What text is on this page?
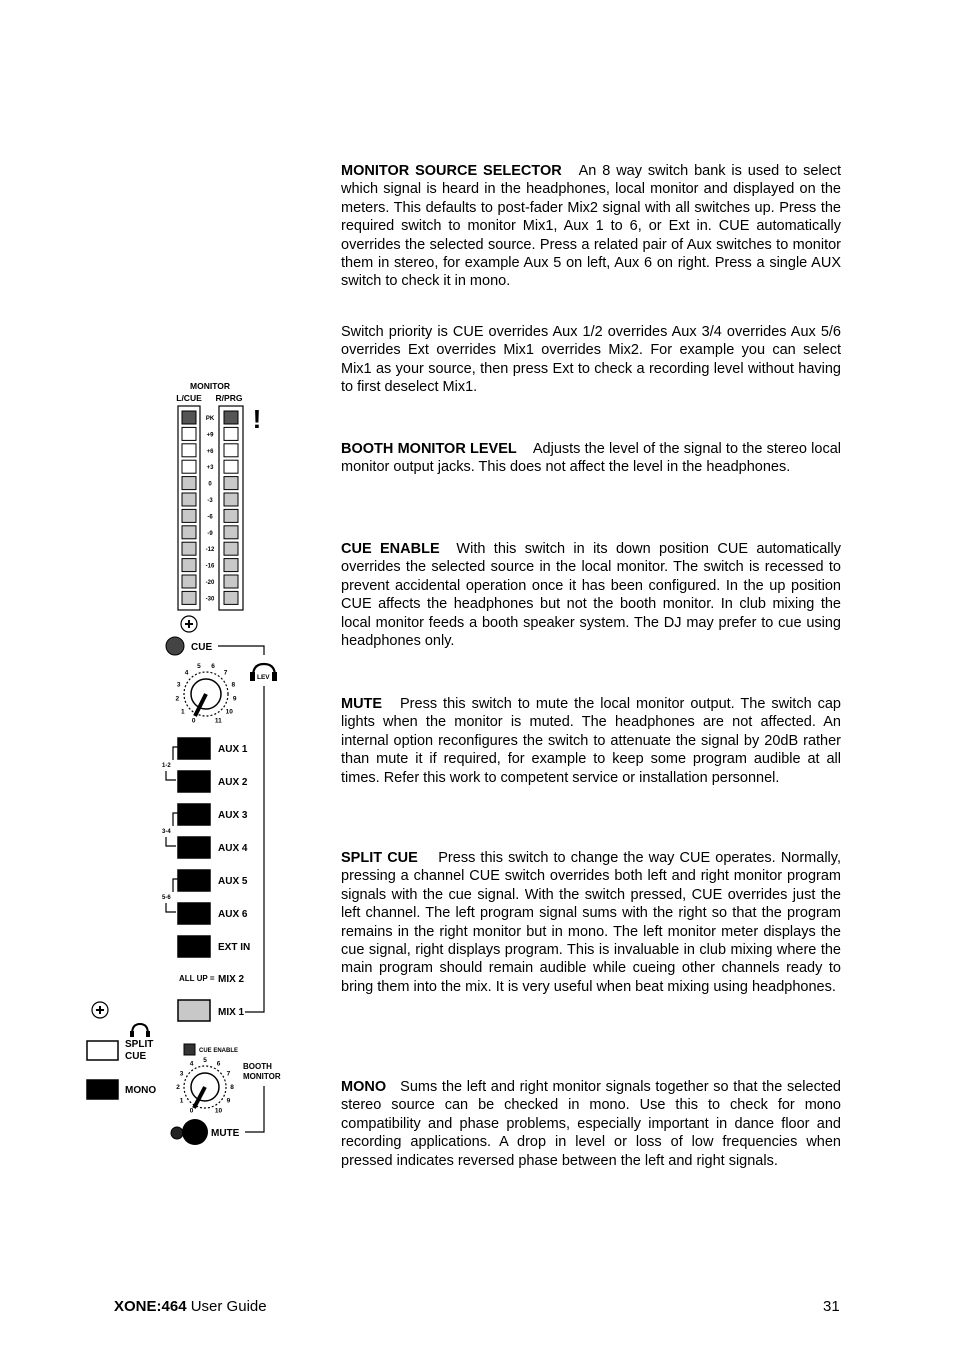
MONITOR
L/CUE R/PRG
!
PK
+9
+6
+3
0
-3
-6
-9
-12
-16
-20
-30
CUE
LEV
0
1
2
3
4
5 6
7
8
9
10
11
1-2
3-4
5-6
AUX 1
AUX 2
AUX 3
AUX 4
AUX 5
AUX 6
EXT IN
ALL UP = MIX 2
MIX 1
SPLIT
CUE
MONO
CUE ENABLE
BOOTH
MONITOR
0
1
2
3
4
5
6
7
8
9
10
MUTE

MONITOR SOURCE SELECTOR An 8 way switch bank is used to select which signal is heard in the headphones, local monitor and displayed on the meters. This defaults to post-fader Mix2 signal with all switches up. Press the required switch to monitor Mix1, Aux 1 to 6, or Ext in. CUE automatically overrides the selected source. Press a related pair of Aux switches to monitor them in stereo, for example Aux 5 on left, Aux 6 on right. Press a single AUX switch to check it in mono.

Switch priority is CUE overrides Aux 1/2 overrides Aux 3/4 overrides Aux 5/6 overrides Ext overrides Mix1 overrides Mix2. For example you can select Mix1 as your source, then press Ext to check a recording level without having to first deselect Mix1.

BOOTH MONITOR LEVEL Adjusts the level of the signal to the stereo local monitor output jacks. This does not affect the level in the headphones.

CUE ENABLE With this switch in its down position CUE automatically overrides the selected source in the local monitor. The switch is recessed to prevent accidental operation once it has been configured. In the up position CUE affects the headphones but not the booth monitor. In club mixing the local monitor feeds a booth speaker system. The DJ may prefer to cue using headphones only.

MUTE Press this switch to mute the local monitor output. The switch cap lights when the monitor is muted. The headphones are not affected. An internal option reconfigures the switch to attenuate the signal by 20dB rather than mute it if required, for example to keep some program audible at all times. Refer this work to competent service or installation personnel.

SPLIT CUE Press this switch to change the way CUE operates. Normally, pressing a channel CUE switch overrides both left and right monitor program signals with the cue signal. With the switch pressed, CUE overrides just the left channel. The left program signal sums with the right so that the program remains in the right monitor but in mono. The left monitor meter displays the cue signal, right displays program. This is invaluable in club mixing where the main program should remain audible while cueing other channels ready to bring them into the mix. It is very useful when beat mixing using headphones.

MONO Sums the left and right monitor signals together so that the selected stereo source can be checked in mono. Use this to check for mono compatibility and phase problems, especially important in dance floor and recording applications. A drop in level or loss of low frequencies when pressed indicates reversed phase between the left and right signals.

XONE:464 User Guide	31
